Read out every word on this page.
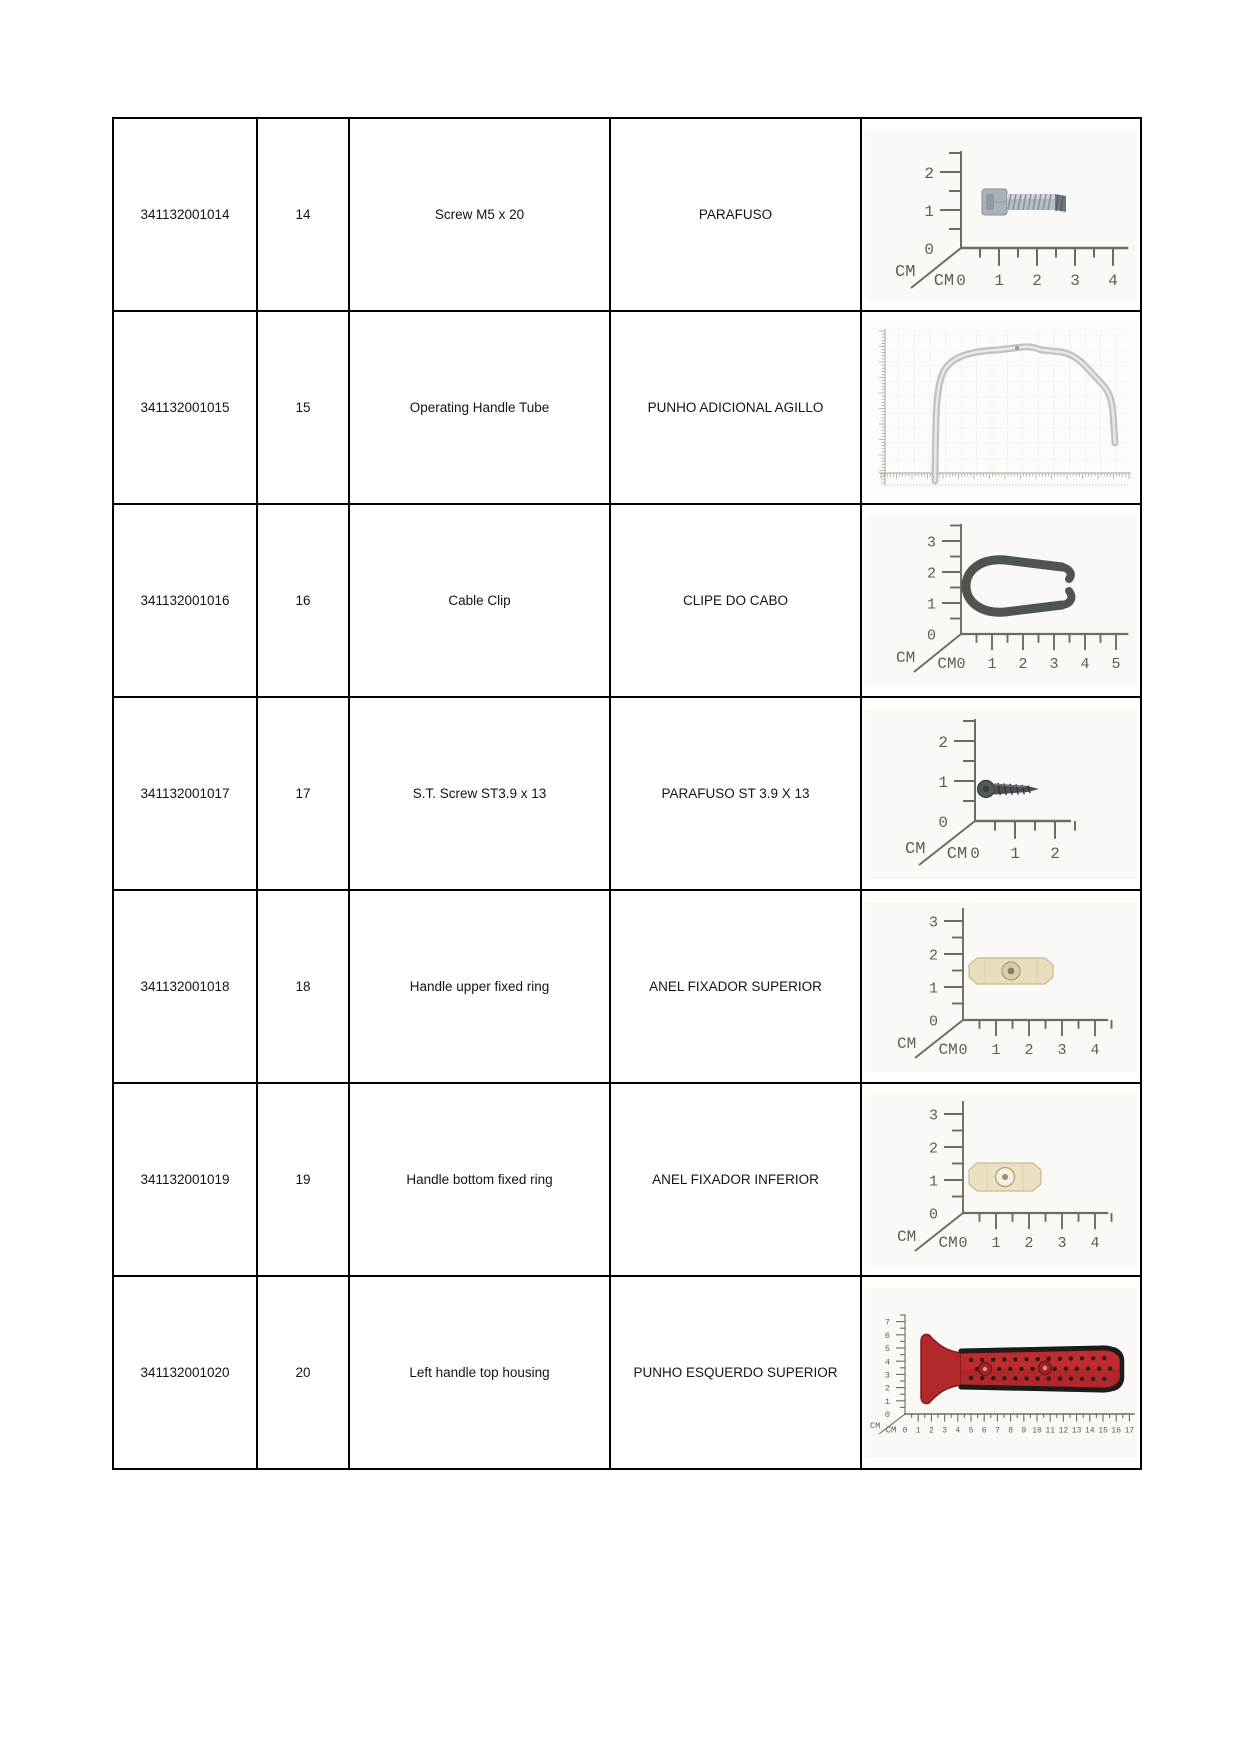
341132001014	14	Screw M5 x 20	PARAFUSO	
2
1
0
CM 0 1 2 3 4
CM

341132001015	15	Operating Handle Tube	PUNHO ADICIONAL AGILLO	

341132001016	16	Cable Clip	CLIPE DO CABO	
3
2
1
0
CM 0 1 2 3 4 5
CM

341132001017	17	S.T. Screw ST3.9 x 13	PARAFUSO ST 3.9 X 13	
2
1
0
CM 0 1 2
CM

341132001018	18	Handle upper fixed ring	ANEL FIXADOR SUPERIOR	
3
2
1
0
CM 0 1 2 3 4
CM

341132001019	19	Handle bottom fixed ring	ANEL FIXADOR INFERIOR	
3
2
1
0
CM 0 1 2 3 4
CM

341132001020	20	Left handle top housing	PUNHO ESQUERDO SUPERIOR	
7
6
5
4
3
2
1
0
CM 0 1 2 3 4 5 6 7 8 9 10 11 12 13 14 15 16 17
CM
